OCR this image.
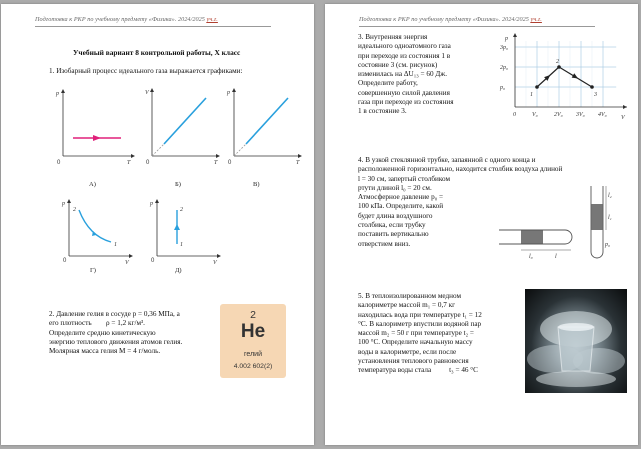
Подготовка к РКР по учебному предмету «Физика». 2024/2025 уч.г.
Учебный вариант 8 контрольной работы, X класс
1. Изобарный процесс идеального газа выражается графиками:
p
0	T
V
0	T
p
0	T
А)	Б)	В)
p
0	V
2
1
p
0	V
2
1
Г)	Д)
2. Давление гелия в сосуде p = 0,36 МПа, а
его плотность        ρ = 1,2 кг/м³.
Определите средню кинетическую
энергию теплового движения атомов гелия.
Молярная масса гелия M = 4 г/моль.
2
He
гелий
4.002 602(2)
Подготовка к РКР по учебному предмету «Физика». 2024/2025 уч.г.
3. Внутренняя энергия
идеального одноатомного газа
при переходе из состояния 1 в
состояние 3 (см. рисунок)
изменилась на ΔU₁₃ = 60 Дж.
Определите работу,
совершенную силой давления
газа при переходе из состояния
1 в состояние 3.
p
V
0	V₀	2V₀ 3V₀ 4V₀
p₀
2p₀
3p₀
1
2
3
4. В узкой стеклянной трубке, запаянной с одного конца и
расположенной горизонтально, находится столбик воздуха длиной
l = 30 см, запертый столбиком
ртути длиной l₀ = 20 см.
Атмосферное давление p₀ =
100 кПа. Определите, какой
будет длина воздушного
столбика, если трубку
поставить вертикально
отверстием вниз.
l
l₀
l₂
l₁
p₀
5. В теплоизолированном медном
калориметре массой m₁ = 0,7 кг
находилась вода при температуре t₁ = 12
°С. В калориметр впустили водяной пар
массой m₂ = 50 г при температуре t₂ =
100 °С. Определите начальную массу
воды в калориметре, если после
установления теплового равновесия
температура воды стала          t₃ = 46 °С
